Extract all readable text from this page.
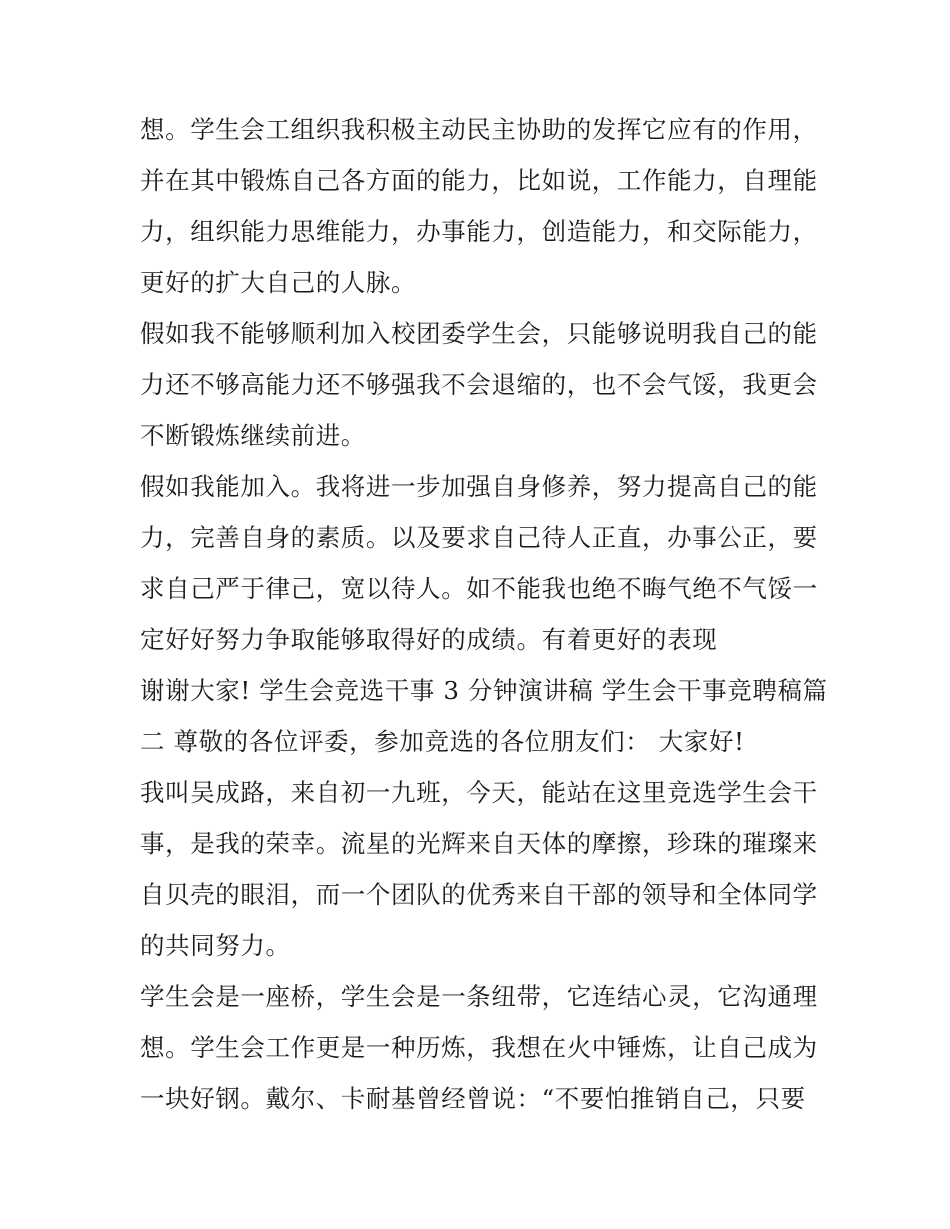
想。学生会工组织我积极主动民主协助的发挥它应有的作用，
并在其中锻炼自己各方面的能力，比如说，工作能力，自理能
力，组织能力思维能力，办事能力，创造能力，和交际能力，
更好的扩大自己的人脉。
假如我不能够顺利加入校团委学生会，只能够说明我自己的能
力还不够高能力还不够强我不会退缩的，也不会气馁，我更会
不断锻炼继续前进。
假如我能加入。我将进一步加强自身修养，努力提高自己的能
力，完善自身的素质。以及要求自己待人正直，办事公正，要
求自己严于律己，宽以待人。如不能我也绝不晦气绝不气馁一
定好好努力争取能够取得好的成绩。有着更好的表现
谢谢大家! 学生会竞选干事 3 分钟演讲稿 学生会干事竞聘稿篇
二 尊敬的各位评委，参加竞选的各位朋友们： 大家好!
我叫吴成路，来自初一九班，今天，能站在这里竞选学生会干
事，是我的荣幸。流星的光辉来自天体的摩擦，珍珠的璀璨来
自贝壳的眼泪，而一个团队的优秀来自干部的领导和全体同学
的共同努力。
学生会是一座桥，学生会是一条纽带，它连结心灵，它沟通理
想。学生会工作更是一种历炼，我想在火中锤炼，让自己成为
一块好钢。戴尔、卡耐基曾经曾说：“不要怕推销自己，只要
